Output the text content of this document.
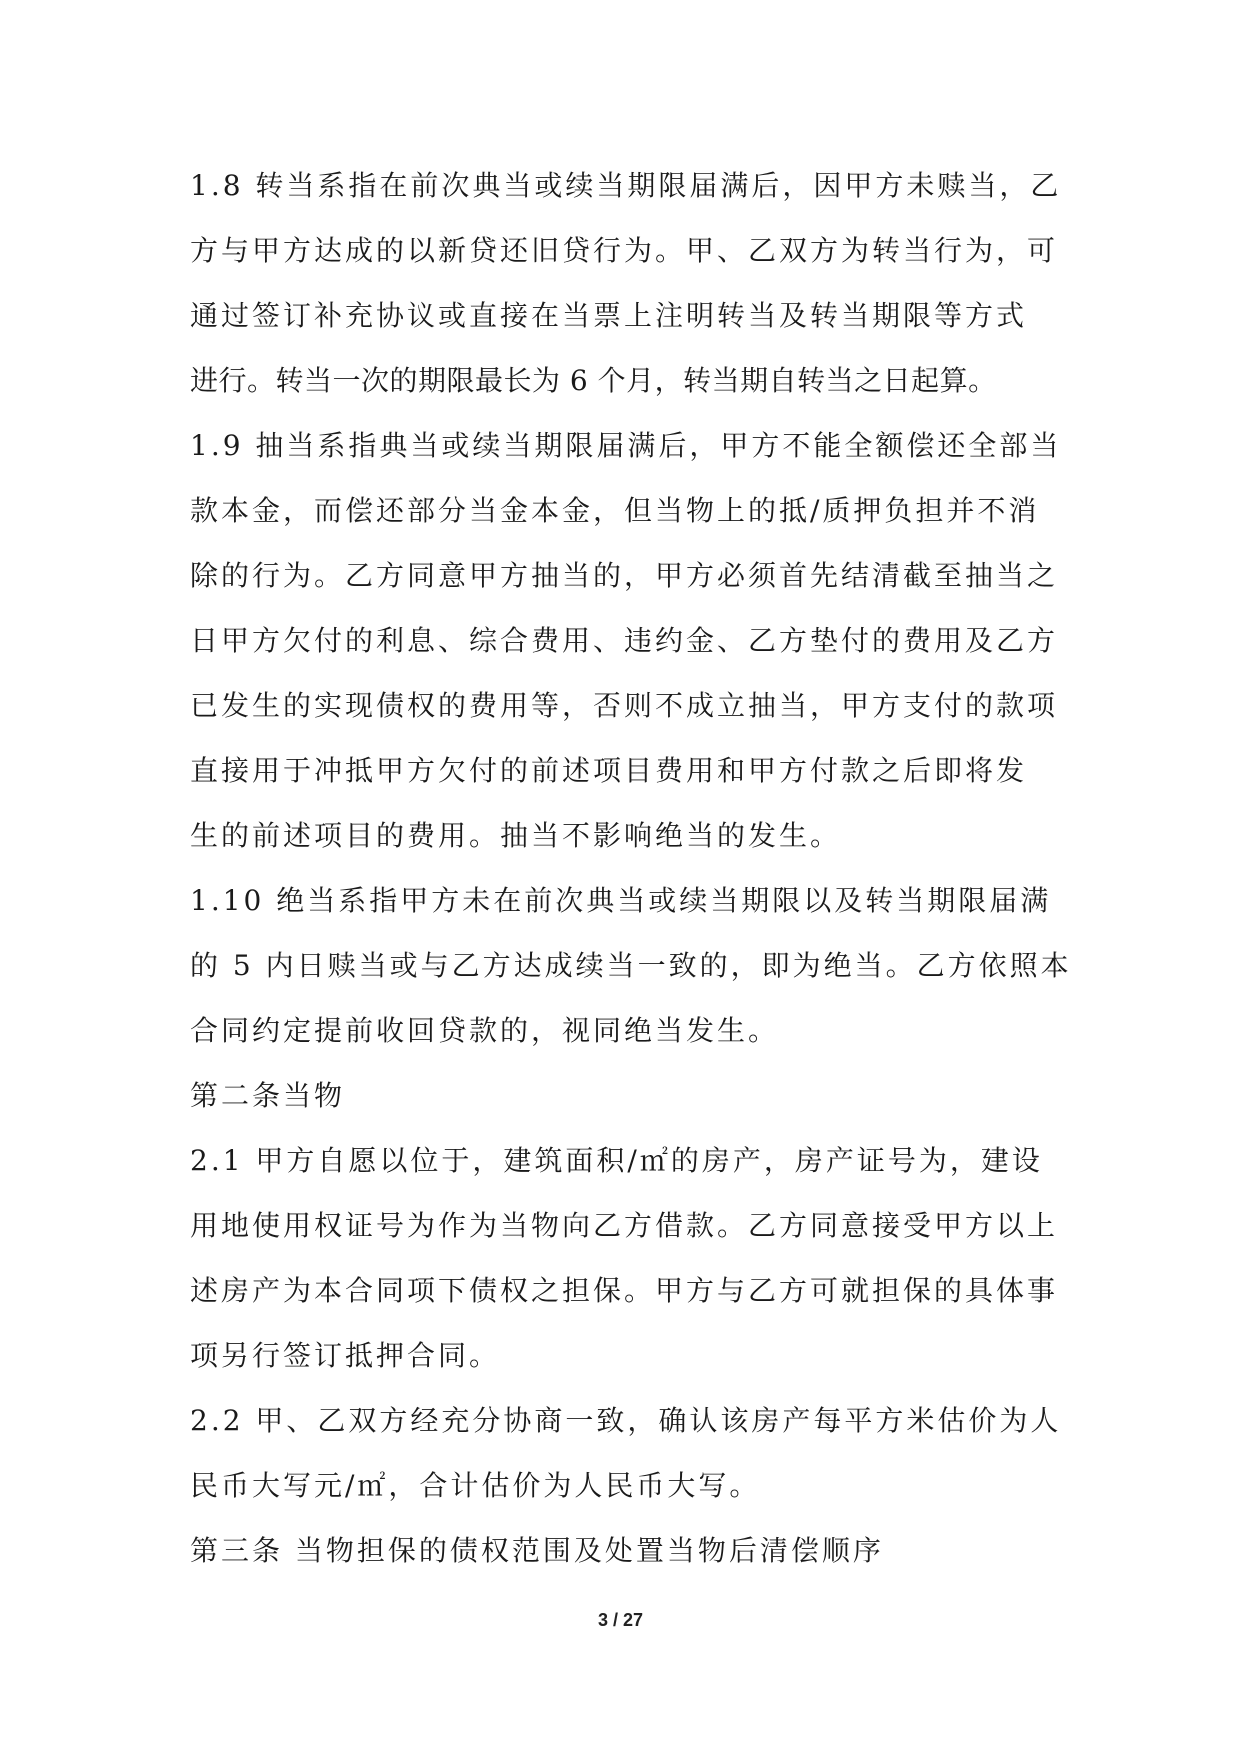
1.8 转当系指在前次典当或续当期限届满后，因甲方未赎当，乙
方与甲方达成的以新贷还旧贷行为。甲、乙双方为转当行为，可
通过签订补充协议或直接在当票上注明转当及转当期限等方式
进行。转当一次的期限最长为 6 个月，转当期自转当之日起算。
1.9 抽当系指典当或续当期限届满后，甲方不能全额偿还全部当
款本金，而偿还部分当金本金，但当物上的抵/质押负担并不消
除的行为。乙方同意甲方抽当的，甲方必须首先结清截至抽当之
日甲方欠付的利息、综合费用、违约金、乙方垫付的费用及乙方
已发生的实现债权的费用等，否则不成立抽当，甲方支付的款项
直接用于冲抵甲方欠付的前述项目费用和甲方付款之后即将发
生的前述项目的费用。抽当不影响绝当的发生。
1.10 绝当系指甲方未在前次典当或续当期限以及转当期限届满
的 5 内日赎当或与乙方达成续当一致的，即为绝当。乙方依照本
合同约定提前收回贷款的，视同绝当发生。
第二条当物
2.1 甲方自愿以位于，建筑面积/㎡的房产，房产证号为，建设
用地使用权证号为作为当物向乙方借款。乙方同意接受甲方以上
述房产为本合同项下债权之担保。甲方与乙方可就担保的具体事
项另行签订抵押合同。
2.2 甲、乙双方经充分协商一致，确认该房产每平方米估价为人
民币大写元/㎡，合计估价为人民币大写。
第三条 当物担保的债权范围及处置当物后清偿顺序
3 / 27
